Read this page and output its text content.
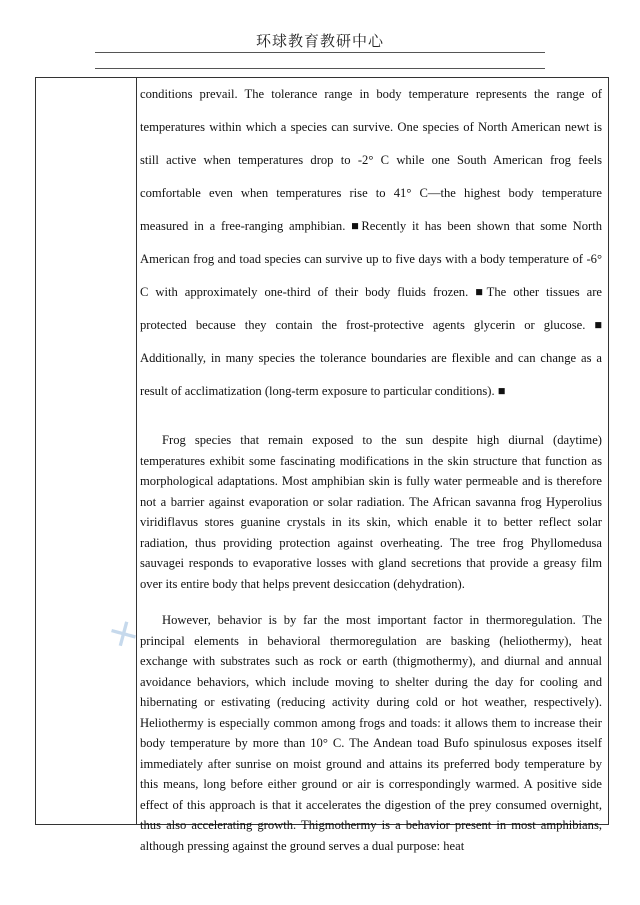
环球教育教研中心
✕

conditions prevail. The tolerance range in body temperature represents the range of temperatures within which a species can survive. One species of North American newt is still active when temperatures drop to -2° C while one South American frog feels comfortable even when temperatures rise to 41° C—the highest body temperature measured in a free-ranging amphibian. ■Recently it has been shown that some North American frog and toad species can survive up to five days with a body temperature of -6° C with approximately one-third of their body fluids frozen. ■The other tissues are protected because they contain the frost-protective agents glycerin or glucose. ■ Additionally, in many species the tolerance boundaries are flexible and can change as a result of acclimatization (long-term exposure to particular conditions). ■

Frog species that remain exposed to the sun despite high diurnal (daytime) temperatures exhibit some fascinating modifications in the skin structure that function as morphological adaptations. Most amphibian skin is fully water permeable and is therefore not a barrier against evaporation or solar radiation. The African savanna frog Hyperolius viridiflavus stores guanine crystals in its skin, which enable it to better reflect solar radiation, thus providing protection against overheating. The tree frog Phyllomedusa sauvagei responds to evaporative losses with gland secretions that provide a greasy film over its entire body that helps prevent desiccation (dehydration).

However, behavior is by far the most important factor in thermoregulation. The principal elements in behavioral thermoregulation are basking (heliothermy), heat exchange with substrates such as rock or earth (thigmothermy), and diurnal and annual avoidance behaviors, which include moving to shelter during the day for cooling and hibernating or estivating (reducing activity during cold or hot weather, respectively). Heliothermy is especially common among frogs and toads: it allows them to increase their body temperature by more than 10° C. The Andean toad Bufo spinulosus exposes itself immediately after sunrise on moist ground and attains its preferred body temperature by this means, long before either ground or air is correspondingly warmed. A positive side effect of this approach is that it accelerates the digestion of the prey consumed overnight, thus also accelerating growth. Thigmothermy is a behavior present in most amphibians, although pressing against the ground serves a dual purpose: heat
